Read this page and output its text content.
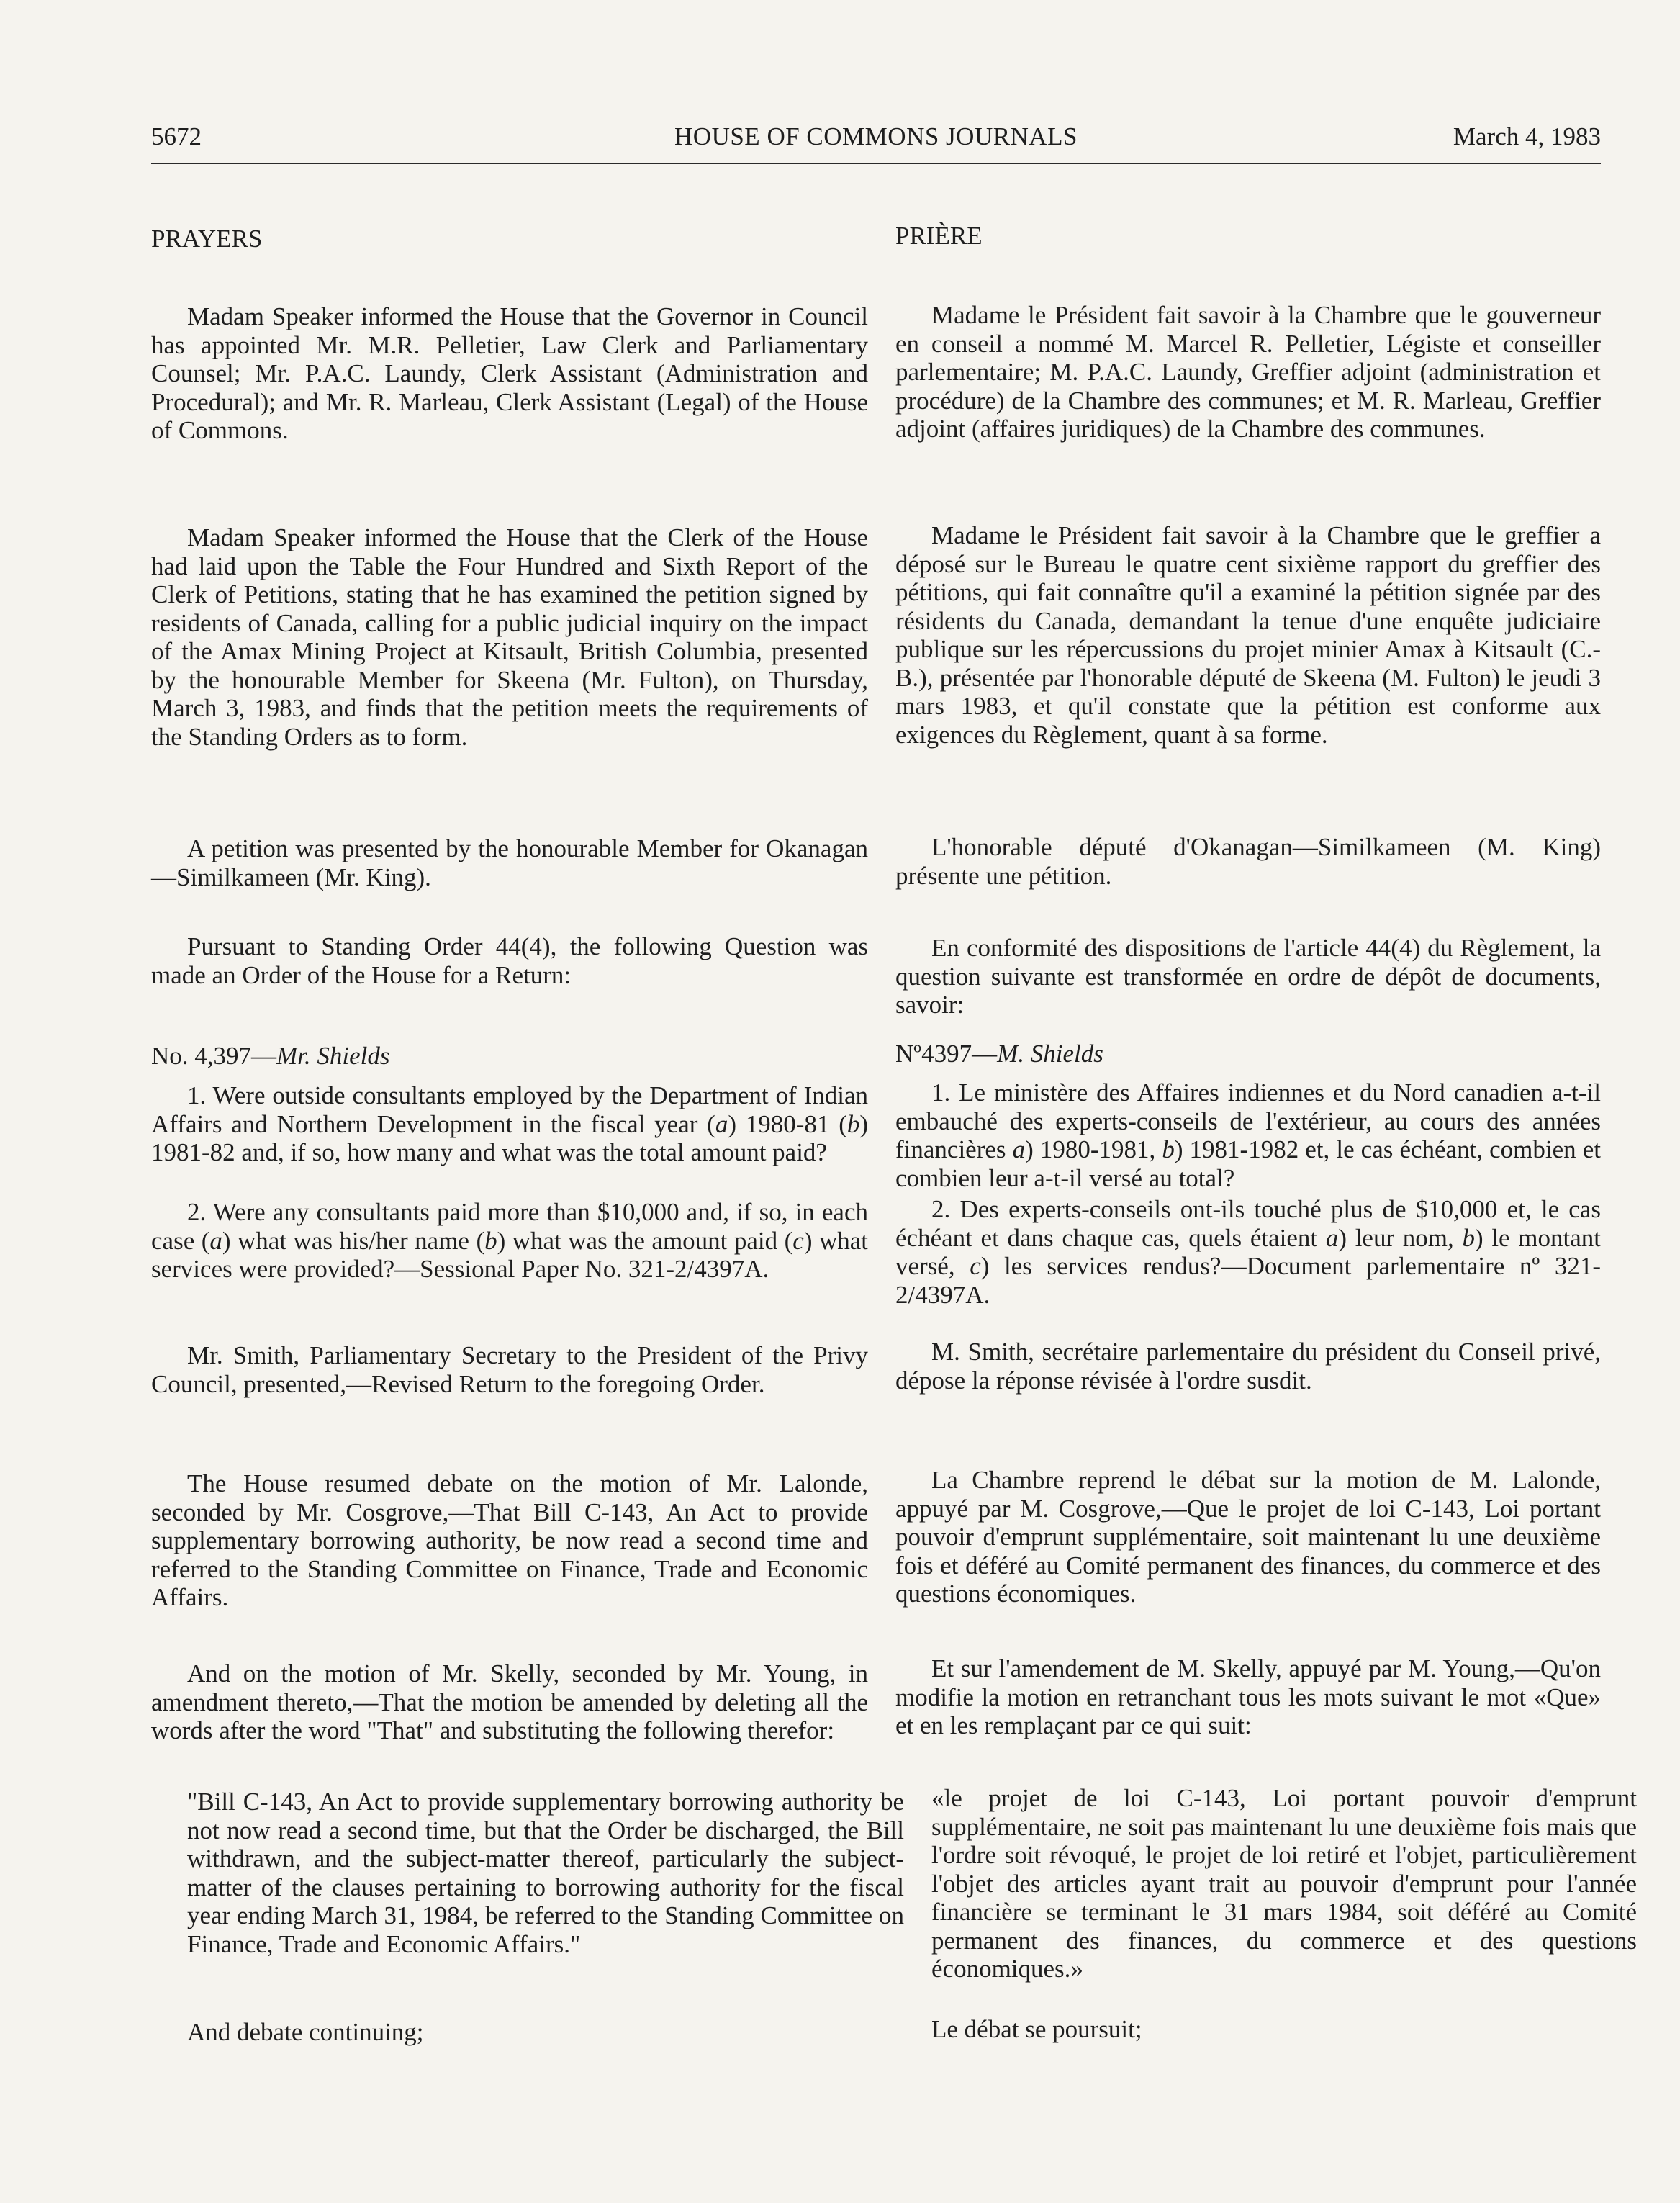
5672	HOUSE OF COMMONS JOURNALS	March 4, 1983

PRAYERS

Madam Speaker informed the House that the Governor in Council has appointed Mr. M.R. Pelletier, Law Clerk and Parliamentary Counsel; Mr. P.A.C. Laundy, Clerk Assistant (Administration and Procedural); and Mr. R. Marleau, Clerk Assistant (Legal) of the House of Commons.

Madam Speaker informed the House that the Clerk of the House had laid upon the Table the Four Hundred and Sixth Report of the Clerk of Petitions, stating that he has examined the petition signed by residents of Canada, calling for a public judicial inquiry on the impact of the Amax Mining Project at Kitsault, British Columbia, presented by the honourable Member for Skeena (Mr. Fulton), on Thursday, March 3, 1983, and finds that the petition meets the requirements of the Standing Orders as to form.

A petition was presented by the honourable Member for Okanagan—Similkameen (Mr. King).

Pursuant to Standing Order 44(4), the following Question was made an Order of the House for a Return:

No. 4,397—Mr. Shields

1. Were outside consultants employed by the Department of Indian Affairs and Northern Development in the fiscal year (a) 1980-81 (b) 1981-82 and, if so, how many and what was the total amount paid?

2. Were any consultants paid more than $10,000 and, if so, in each case (a) what was his/her name (b) what was the amount paid (c) what services were provided?—Sessional Paper No. 321-2/4397A.

Mr. Smith, Parliamentary Secretary to the President of the Privy Council, presented,—Revised Return to the foregoing Order.

The House resumed debate on the motion of Mr. Lalonde, seconded by Mr. Cosgrove,—That Bill C-143, An Act to provide supplementary borrowing authority, be now read a second time and referred to the Standing Committee on Finance, Trade and Economic Affairs.

And on the motion of Mr. Skelly, seconded by Mr. Young, in amendment thereto,—That the motion be amended by deleting all the words after the word "That" and substituting the following therefor:

"Bill C-143, An Act to provide supplementary borrowing authority be not now read a second time, but that the Order be discharged, the Bill withdrawn, and the subject-matter thereof, particularly the subject-matter of the clauses pertaining to borrowing authority for the fiscal year ending March 31, 1984, be referred to the Standing Committee on Finance, Trade and Economic Affairs."

And debate continuing;

PRIÈRE

Madame le Président fait savoir à la Chambre que le gouverneur en conseil a nommé M. Marcel R. Pelletier, Légiste et conseiller parlementaire; M. P.A.C. Laundy, Greffier adjoint (administration et procédure) de la Chambre des communes; et M. R. Marleau, Greffier adjoint (affaires juridiques) de la Chambre des communes.

Madame le Président fait savoir à la Chambre que le greffier a déposé sur le Bureau le quatre cent sixième rapport du greffier des pétitions, qui fait connaître qu'il a examiné la pétition signée par des résidents du Canada, demandant la tenue d'une enquête judiciaire publique sur les répercussions du projet minier Amax à Kitsault (C.-B.), présentée par l'honorable député de Skeena (M. Fulton) le jeudi 3 mars 1983, et qu'il constate que la pétition est conforme aux exigences du Règlement, quant à sa forme.

L'honorable député d'Okanagan—Similkameen (M. King) présente une pétition.

En conformité des dispositions de l'article 44(4) du Règlement, la question suivante est transformée en ordre de dépôt de documents, savoir:

Nº4397—M. Shields

1. Le ministère des Affaires indiennes et du Nord canadien a-t-il embauché des experts-conseils de l'extérieur, au cours des années financières a) 1980-1981, b) 1981-1982 et, le cas échéant, combien et combien leur a-t-il versé au total?

2. Des experts-conseils ont-ils touché plus de $10,000 et, le cas échéant et dans chaque cas, quels étaient a) leur nom, b) le montant versé, c) les services rendus?—Document parlementaire nº 321-2/4397A.

M. Smith, secrétaire parlementaire du président du Conseil privé, dépose la réponse révisée à l'ordre susdit.

La Chambre reprend le débat sur la motion de M. Lalonde, appuyé par M. Cosgrove,—Que le projet de loi C-143, Loi portant pouvoir d'emprunt supplémentaire, soit maintenant lu une deuxième fois et déféré au Comité permanent des finances, du commerce et des questions économiques.

Et sur l'amendement de M. Skelly, appuyé par M. Young,—Qu'on modifie la motion en retranchant tous les mots suivant le mot «Que» et en les remplaçant par ce qui suit:

«le projet de loi C-143, Loi portant pouvoir d'emprunt supplémentaire, ne soit pas maintenant lu une deuxième fois mais que l'ordre soit révoqué, le projet de loi retiré et l'objet, particulièrement l'objet des articles ayant trait au pouvoir d'emprunt pour l'année financière se terminant le 31 mars 1984, soit déféré au Comité permanent des finances, du commerce et des questions économiques.»

Le débat se poursuit;
